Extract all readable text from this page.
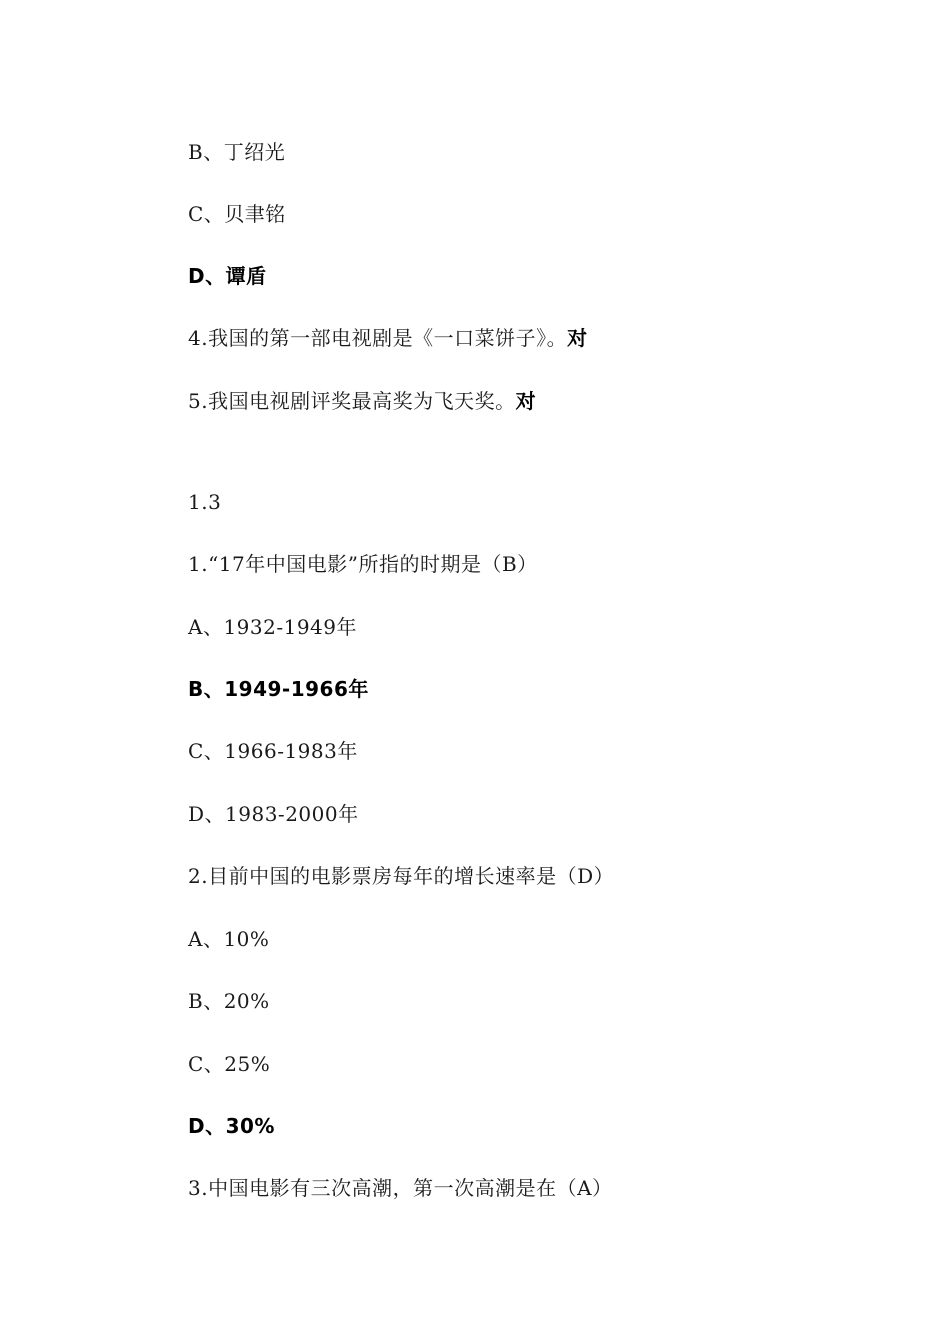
B、丁绍光
C、贝聿铭
D、谭盾
4.我国的第一部电视剧是《一口菜饼子》。对
5.我国电视剧评奖最高奖为飞天奖。对
1.3
1.“17年中国电影”所指的时期是（B）
A、1932-1949年
B、1949-1966年
C、1966-1983年
D、1983-2000年
2.目前中国的电影票房每年的增长速率是（D）
A、10%
B、20%
C、25%
D、30%
3.中国电影有三次高潮，第一次高潮是在（A）
